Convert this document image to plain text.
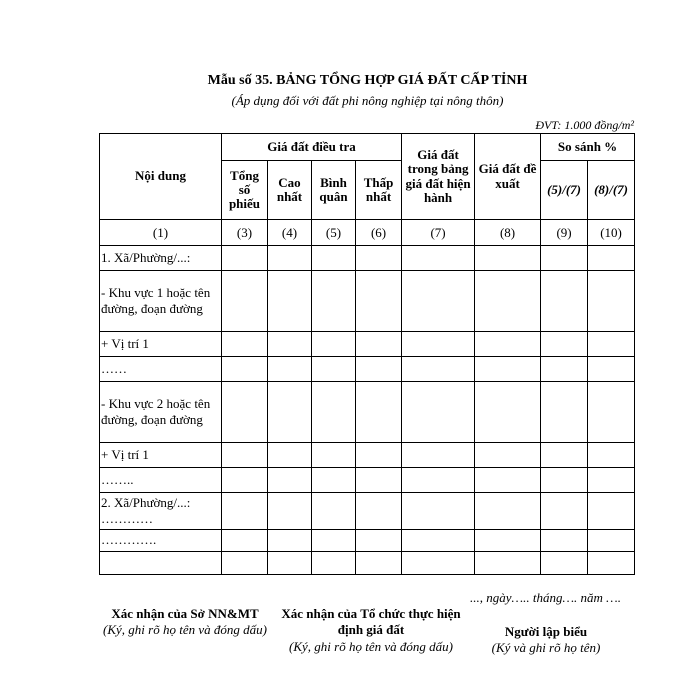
Mẫu số 35. BẢNG TỔNG HỢP GIÁ ĐẤT CẤP TỈNH
(Áp dụng đối với đất phi nông nghiệp tại nông thôn)
ĐVT: 1.000 đồng/m²
Nội dung	Giá đất điều tra				Giá đất trong bảng giá đất hiện hành	Giá đất đề xuất	So sánh %	
	Tổng số phiếu	Cao nhất	Bình quân	Thấp nhất			(5)/(7)	(8)/(7)
(1)	(3)	(4)	(5)	(6)	(7)	(8)	(9)	(10)
1. Xã/Phường/...:								
- Khu vực 1 hoặc tên đường, đoạn đường								
+ Vị trí 1								
……								
- Khu vực 2 hoặc tên đường, đoạn đường								
+ Vị trí 1								
……..								
2. Xã/Phường/...: …………								
………….								

..., ngày….. tháng…. năm ….
Xác nhận của Sở NN&MT
(Ký, ghi rõ họ tên và đóng dấu)
Xác nhận của Tổ chức thực hiện định giá đất
(Ký, ghi rõ họ tên và đóng dấu)
Người lập biểu
(Ký và ghi rõ họ tên)
